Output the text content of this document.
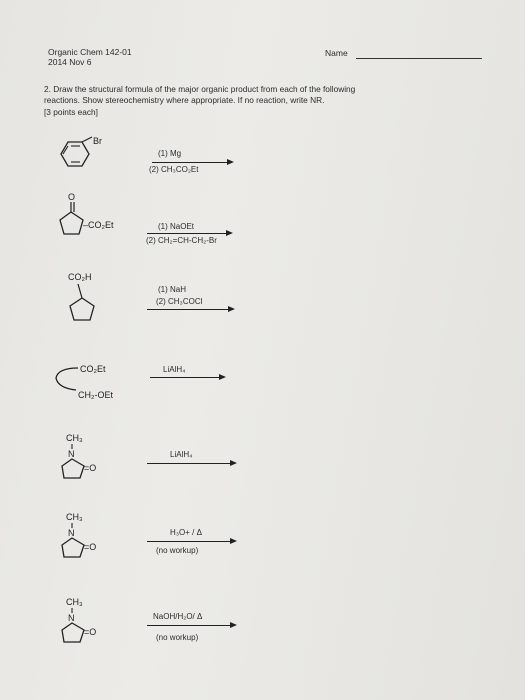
Organic Chem 142-01
2014 Nov 6
Name
2. Draw the structural formula of the major organic product from each of the following
reactions. Show stereochemistry where appropriate. If no reaction, write NR.
[3 points each]
Br
(1) Mg
(2) CH₃CO₂Et
O
–CO₂Et	(1) NaOEt
(2) CH₂=CH-CH₂-Br
CO₂H
(1) NaH
(2) CH₃COCl
CO₂Et
CH₂-OEt
LiAlH₄
CH₃
N
=O
LiAlH₄
CH₃
N
=O
H₃O+ / Δ
(no workup)
CH₃
N
=O
NaOH/H₂O/ Δ
(no workup)
